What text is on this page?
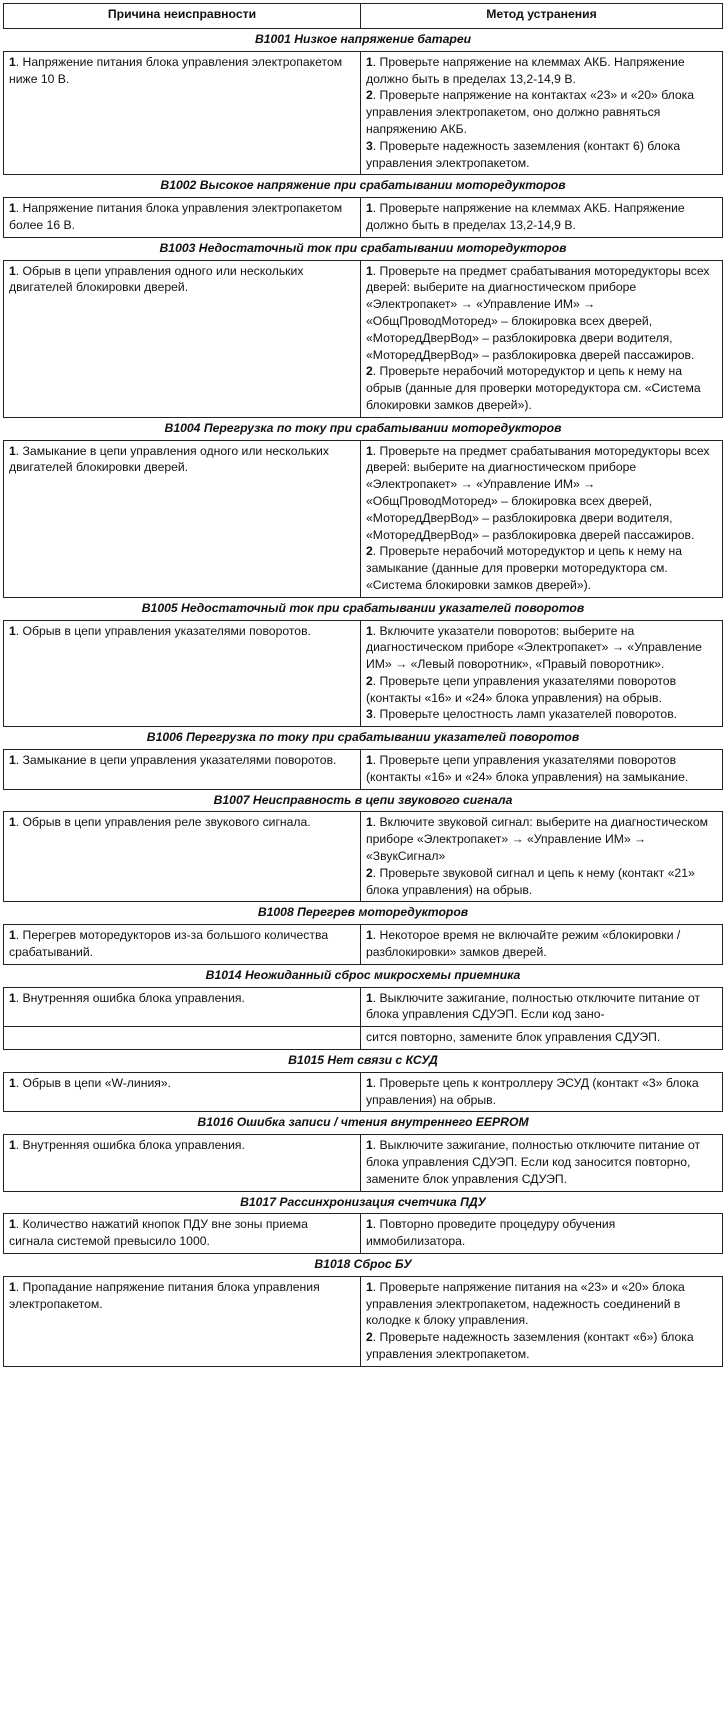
Причина неисправности	Метод устранения
B1001 Низкое напряжение батареи	

1. Напряжение питания блока управления электропакетом ниже 10 В.	1. Проверьте напряжение на клеммах АКБ. Напряжение должно быть в пределах 13,2-14,9 В.
2. Проверьте напряжение на контактах «23» и «20» блока управления электропакетом, оно должно равняться напряжению АКБ.
3. Проверьте надежность заземления (контакт 6) блока управления электропакетом.

B1002 Высокое напряжение при срабатывании моторедукторов	

1. Напряжение питания блока управления электропакетом более 16 В.	1. Проверьте напряжение на клеммах АКБ. Напряжение должно быть в пределах 13,2-14,9 В.

B1003 Недостаточный ток при срабатывании моторедукторов	

1. Обрыв в цепи управления одного или нескольких двигателей блокировки дверей.	1. Проверьте на предмет срабатывания моторедукторы всех дверей: выберите на диагностическом приборе «Электропакет» → «Управление ИМ» → «ОбщПроводМоторед» – блокировка всех дверей, «МоторедДверВод» – разблокировка двери водителя, «МоторедДверВод» – разблокировка дверей пассажиров.
2. Проверьте нерабочий моторедуктор и цепь к нему на обрыв (данные для проверки моторедуктора см. «Система блокировки замков дверей»).

B1004 Перегрузка по току при срабатывании моторедукторов	

1. Замыкание в цепи управления одного или нескольких двигателей блокировки дверей.	1. Проверьте на предмет срабатывания моторедукторы всех дверей: выберите на диагностическом приборе «Электропакет» → «Управление ИМ» → «ОбщПроводМоторед» – блокировка всех дверей, «МоторедДверВод» – разблокировка двери водителя, «МоторедДверВод» – разблокировка дверей пассажиров.
2. Проверьте нерабочий моторедуктор и цепь к нему на замыкание (данные для проверки моторедуктора см. «Система блокировки замков дверей»).

B1005 Недостаточный ток при срабатывании указателей поворотов	

1. Обрыв в цепи управления указателями поворотов.	1. Включите указатели поворотов: выберите на диагностическом приборе «Электропакет» → «Управление ИМ» → «Левый поворотник», «Правый поворотник».
2. Проверьте цепи управления указателями поворотов (контакты «16» и «24» блока управления) на обрыв.
3. Проверьте целостность ламп указателей поворотов.

B1006 Перегрузка по току при срабатывании указателей поворотов	

1. Замыкание в цепи управления указателями поворотов.	1. Проверьте цепи управления указателями поворотов (контакты «16» и «24» блока управления) на замыкание.

B1007 Неисправность в цепи звукового сигнала	

1. Обрыв в цепи управления реле звукового сигнала.	1. Включите звуковой сигнал: выберите на диагностическом приборе «Электропакет» → «Управление ИМ» → «ЗвукСигнал»
2. Проверьте звуковой сигнал и цепь к нему (контакт «21» блока управления) на обрыв.

B1008 Перегрев моторедукторов	

1. Перегрев моторедукторов из-за большого количества срабатываний.	1. Некоторое время не включайте режим «блокировки / разблокировки» замков дверей.

B1014 Неожиданный сброс микросхемы приемника	

1. Внутренняя ошибка блока управления.	1. Выключите зажигание, полностью отключите питание от блока управления СДУЭП. Если код зано-

	сится повторно, замените блок управления СДУЭП.

B1015 Нет связи с КСУД	

1. Обрыв в цепи «W-линия».	1. Проверьте цепь к контроллеру ЭСУД (контакт «3» блока управления) на обрыв.

B1016 Ошибка записи / чтения внутреннего EEPROM	

1. Внутренняя ошибка блока управления.	1. Выключите зажигание, полностью отключите питание от блока управления СДУЭП. Если код заносится повторно, замените блок управления СДУЭП.

B1017 Рассинхронизация счетчика ПДУ	

1. Количество нажатий кнопок ПДУ вне зоны приема сигнала системой превысило 1000.	1. Повторно проведите процедуру обучения иммобилизатора.

B1018 Сброс БУ	

1. Пропадание напряжение питания блока управления электропакетом.	1. Проверьте напряжение питания на «23» и «20» блока управления электропакетом, надежность соединений в колодке к блоку управления.
2. Проверьте надежность заземления (контакт «6») блока управления электропакетом.
